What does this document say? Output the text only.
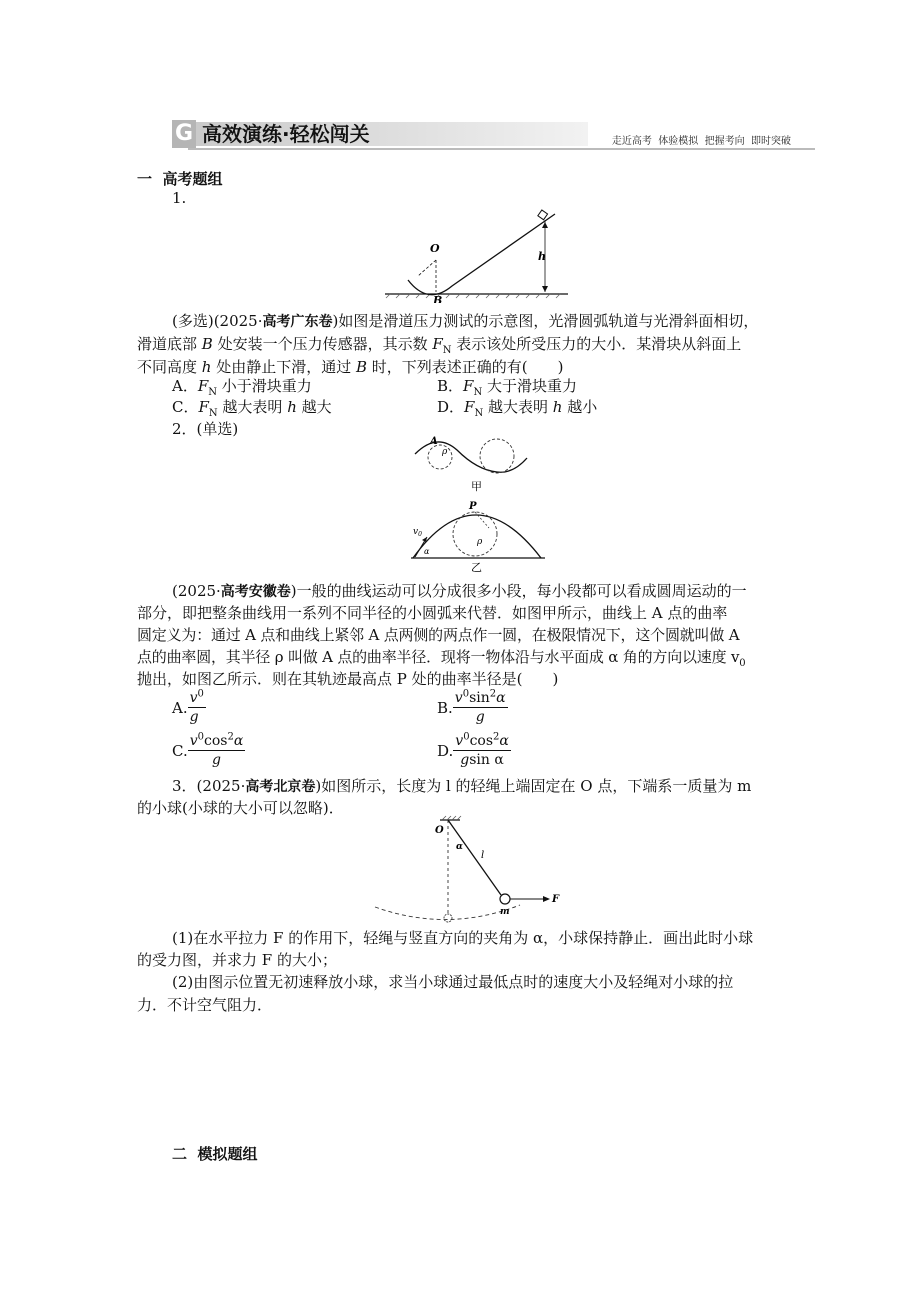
G 高效演练·轻松闯关	走近高考  体验模拟  把握考向  即时突破
一  高考题组
1.
O
B
h
(多选)(2025·高考广东卷)如图是滑道压力测试的示意图，光滑圆弧轨道与光滑斜面相切，
滑道底部 B 处安装一个压力传感器，其示数 $F_N$ 表示该处所受压力的大小．某滑块从斜面上
不同高度 h 处由静止下滑，通过 B 时，下列表述正确的有(　　)
A．$F_N$ 小于滑块重力	B．$F_N$ 大于滑块重力
C．$F_N$ 越大表明 h 越大	D．$F_N$ 越大表明 h 越小
2．(单选)
A
ρ
甲
P
ρ
$v_0$
α
乙
(2025·高考安徽卷)一般的曲线运动可以分成很多小段，每小段都可以看成圆周运动的一
部分，即把整条曲线用一系列不同半径的小圆弧来代替．如图甲所示，曲线上 A 点的曲率
圆定义为：通过 A 点和曲线上紧邻 A 点两侧的两点作一圆，在极限情况下，这个圆就叫做 A
点的曲率圆，其半径 ρ 叫做 A 点的曲率半径．现将一物体沿与水平面成 α 角的方向以速度 $v_0$
抛出，如图乙所示．则在其轨迹最高点 P 处的曲率半径是(　　)
A. $\frac{v^0}{g}$	B. $\frac{v^0\sin^2\alpha}{g}$
C. $\frac{v^0\cos^2\alpha}{g}$	D. $\frac{v^0\cos^2\alpha}{\text{gsin α}}$
3．(2025·高考北京卷)如图所示，长度为 l 的轻绳上端固定在 O 点，下端系一质量为 m
的小球(小球的大小可以忽略)．
O
α
l
m
F
(1)在水平拉力 F 的作用下，轻绳与竖直方向的夹角为 α，小球保持静止．画出此时小球
的受力图，并求力 F 的大小；
(2)由图示位置无初速释放小球，求当小球通过最低点时的速度大小及轻绳对小球的拉
力．不计空气阻力．
二  模拟题组
